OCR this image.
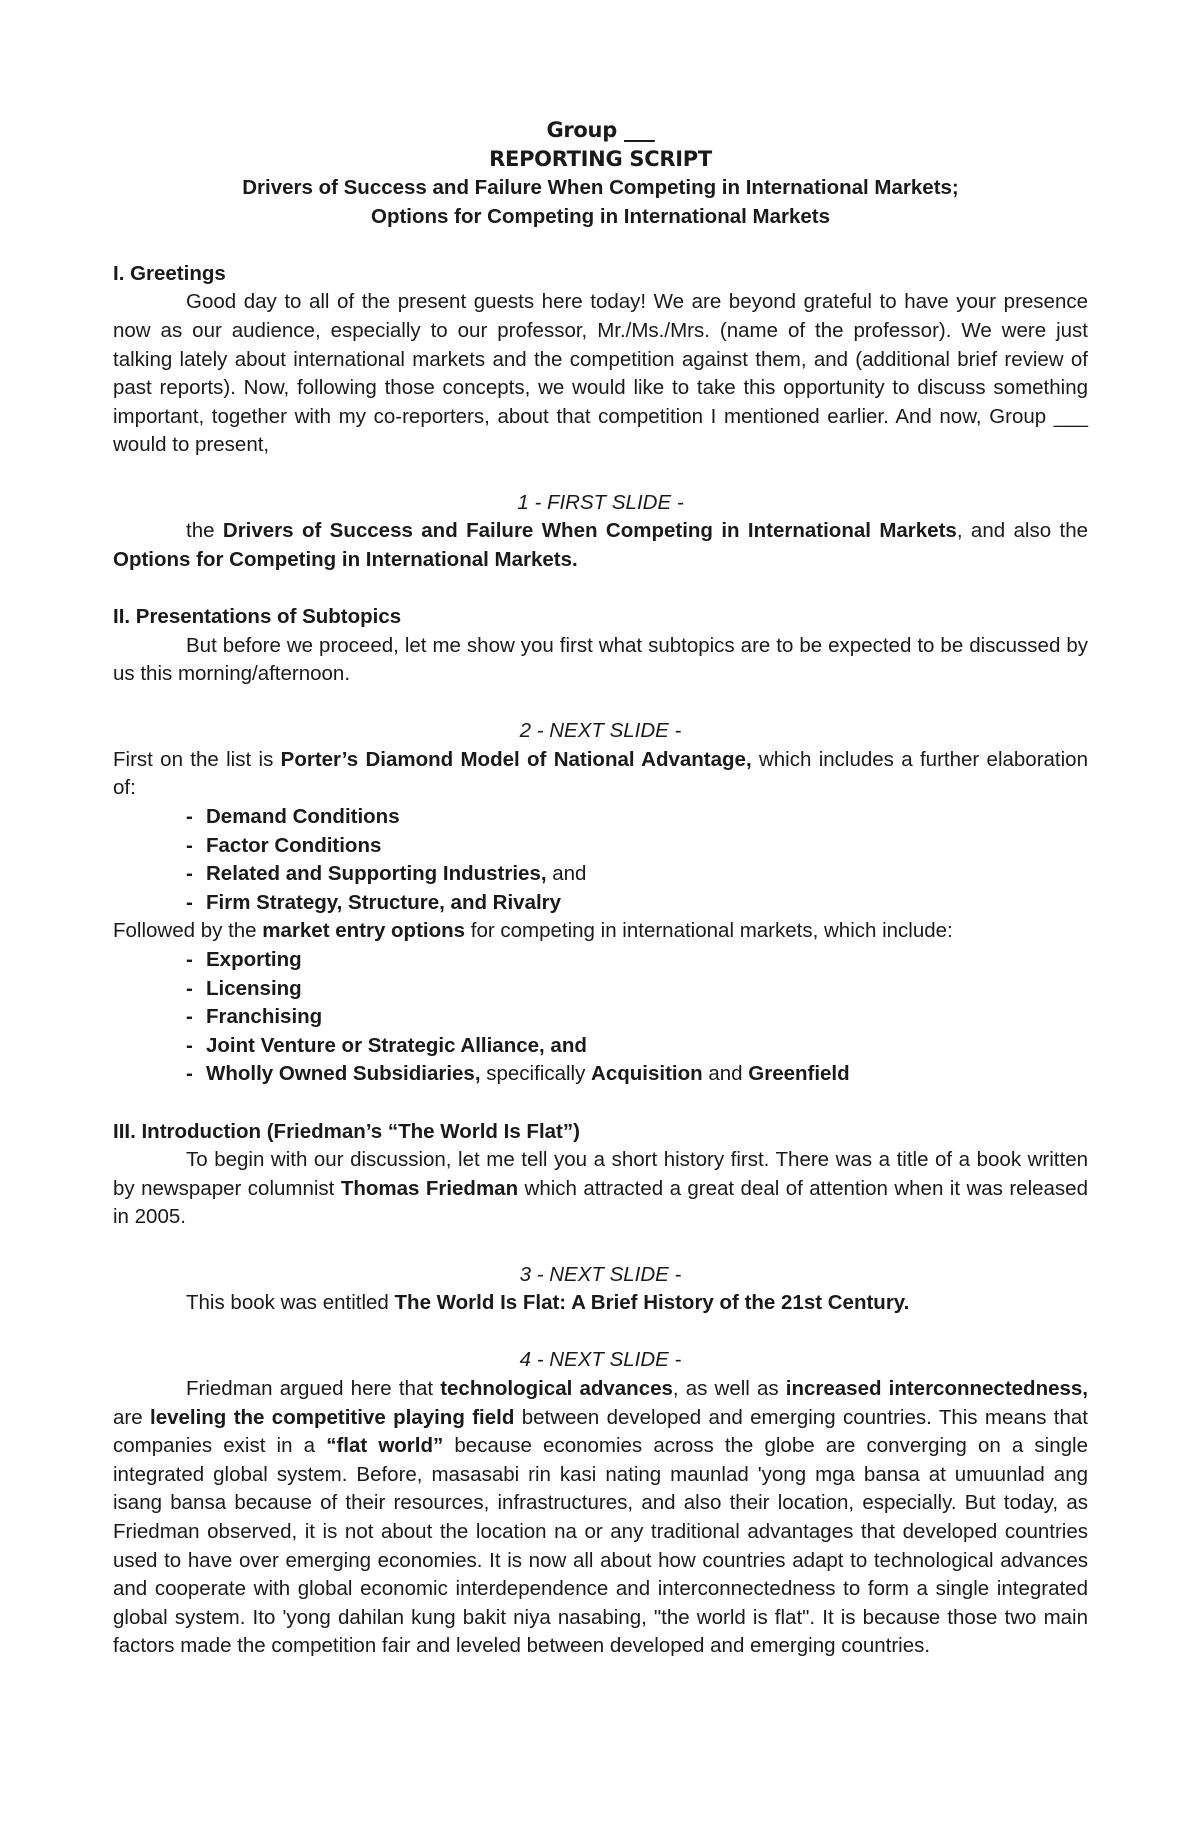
Group ___
REPORTING SCRIPT
Drivers of Success and Failure When Competing in International Markets;
Options for Competing in International Markets
I. Greetings
Good day to all of the present guests here today! We are beyond grateful to have your presence now as our audience, especially to our professor, Mr./Ms./Mrs. (name of the professor). We were just talking lately about international markets and the competition against them, and (additional brief review of past reports). Now, following those concepts, we would like to take this opportunity to discuss something important, together with my co-reporters, about that competition I mentioned earlier. And now, Group ___ would to present,
1 - FIRST SLIDE -
the Drivers of Success and Failure When Competing in International Markets, and also the Options for Competing in International Markets.
II. Presentations of Subtopics
But before we proceed, let me show you first what subtopics are to be expected to be discussed by us this morning/afternoon.
2 - NEXT SLIDE -
First on the list is Porter’s Diamond Model of National Advantage, which includes a further elaboration of:
- Demand Conditions
- Factor Conditions
- Related and Supporting Industries, and
- Firm Strategy, Structure, and Rivalry
Followed by the market entry options for competing in international markets, which include:
- Exporting
- Licensing
- Franchising
- Joint Venture or Strategic Alliance, and
- Wholly Owned Subsidiaries, specifically Acquisition and Greenfield
III. Introduction (Friedman’s “The World Is Flat”)
To begin with our discussion, let me tell you a short history first. There was a title of a book written by newspaper columnist Thomas Friedman which attracted a great deal of attention when it was released in 2005.
3 - NEXT SLIDE -
This book was entitled The World Is Flat: A Brief History of the 21st Century.
4 - NEXT SLIDE -
Friedman argued here that technological advances, as well as increased interconnectedness, are leveling the competitive playing field between developed and emerging countries. This means that companies exist in a “flat world” because economies across the globe are converging on a single integrated global system. Before, masasabi rin kasi nating maunlad 'yong mga bansa at umuunlad ang isang bansa because of their resources, infrastructures, and also their location, especially. But today, as Friedman observed, it is not about the location na or any traditional advantages that developed countries used to have over emerging economies. It is now all about how countries adapt to technological advances and cooperate with global economic interdependence and interconnectedness to form a single integrated global system. Ito 'yong dahilan kung bakit niya nasabing, "the world is flat". It is because those two main factors made the competition fair and leveled between developed and emerging countries.
